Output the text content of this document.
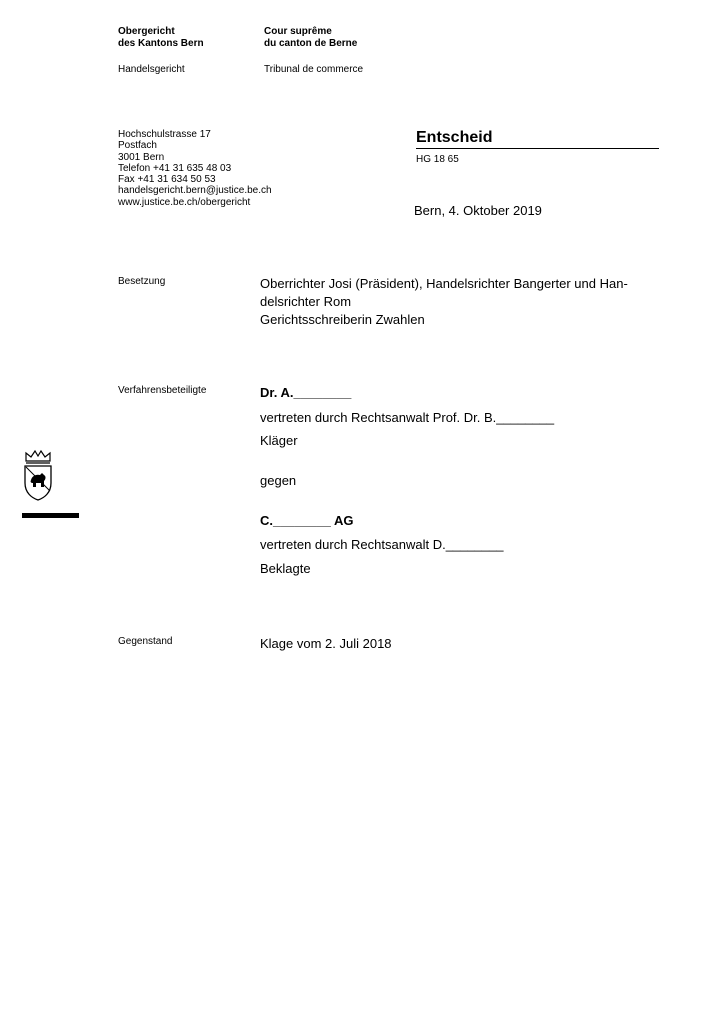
Obergericht
des Kantons Bern
Cour suprême
du canton de Berne
Handelsgericht	Tribunal de commerce
Hochschulstrasse 17
Postfach
3001 Bern
Telefon +41 31 635 48 03
Fax +41 31 634 50 53
handelsgericht.bern@justice.be.ch
www.justice.be.ch/obergericht
Entscheid
HG 18 65
Bern, 4. Oktober 2019
Besetzung	Oberrichter Josi (Präsident), Handelsrichter Bangerter und Han-
delsrichter Rom
Gerichtsschreiberin Zwahlen
Verfahrensbeteiligte	Dr. A.________
vertreten durch Rechtsanwalt Prof. Dr. B.________
Kläger
gegen
C.________ AG
vertreten durch Rechtsanwalt D.________
Beklagte
Gegenstand	Klage vom 2. Juli 2018
